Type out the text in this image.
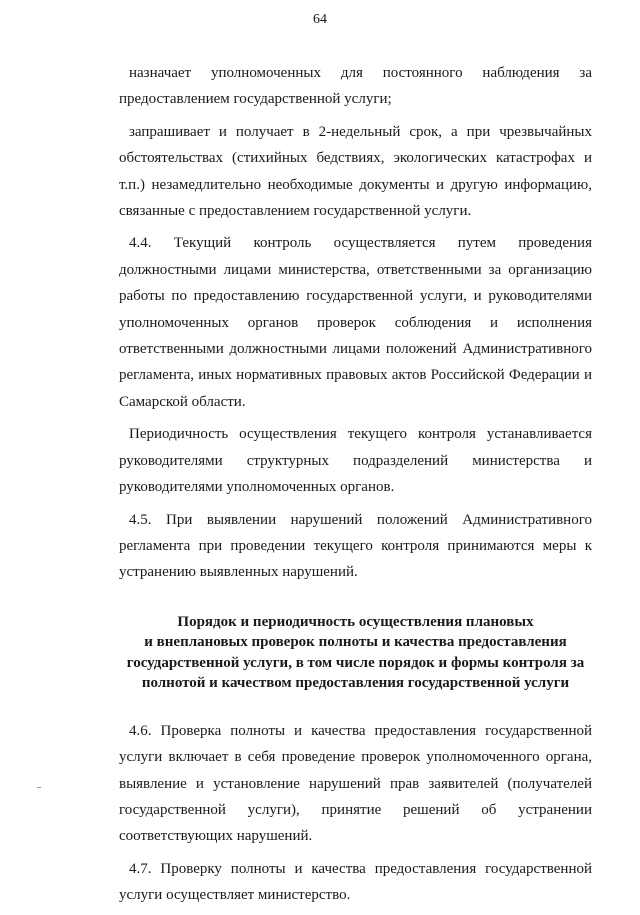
64

назначает уполномоченных для постоянного наблюдения за предоставлением государственной услуги;

запрашивает и получает в 2-недельный срок, а при чрезвычайных обстоятельствах (стихийных бедствиях, экологических катастрофах и т.п.) незамедлительно необходимые документы и другую информацию, связанные с предоставлением государственной услуги.

4.4. Текущий контроль осуществляется путем проведения должностными лицами министерства, ответственными за организацию работы по предоставлению государственной услуги, и руководителями уполномоченных органов проверок соблюдения и исполнения ответственными должностными лицами положений Административного регламента, иных нормативных правовых актов Российской Федерации и Самарской области.

Периодичность осуществления текущего контроля устанавливается руководителями структурных подразделений министерства и руководителями уполномоченных органов.

4.5. При выявлении нарушений положений Административного регламента при проведении текущего контроля принимаются меры к устранению выявленных нарушений.

Порядок и периодичность осуществления плановых
и внеплановых проверок полноты и качества предоставления
государственной услуги, в том числе порядок и формы контроля за
полнотой и качеством предоставления государственной услуги

4.6. Проверка полноты и качества предоставления государственной услуги включает в себя проведение проверок уполномоченного органа, выявление и установление нарушений прав заявителей (получателей государственной услуги), принятие решений об устранении соответствующих нарушений.

4.7. Проверку полноты и качества предоставления государственной услуги осуществляет министерство.
